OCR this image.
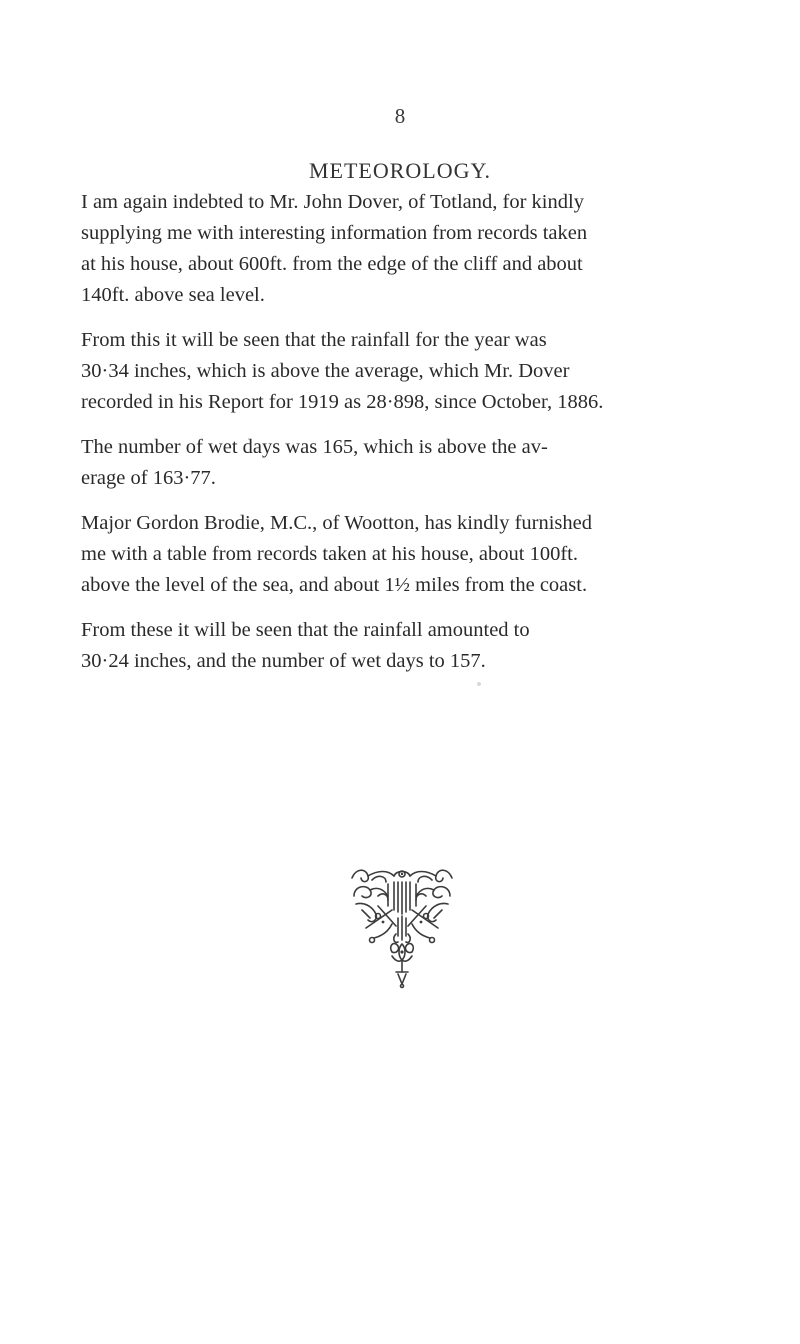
8
METEOROLOGY.

I am again indebted to Mr. John Dover, of Totland, for kindly
supplying me with interesting information from records taken
at his house, about 600ft. from the edge of the cliff and about
140ft. above sea level.

From this it will be seen that the rainfall for the year was
30·34 inches, which is above the average, which Mr. Dover
recorded in his Report for 1919 as 28·898, since October, 1886.

The number of wet days was 165, which is above the av-
erage of 163·77.

Major Gordon Brodie, M.C., of Wootton, has kindly furnished
me with a table from records taken at his house, about 100ft.
above the level of the sea, and about 1½ miles from the coast.

From these it will be seen that the rainfall amounted to
30·24 inches, and the number of wet days to 157.
